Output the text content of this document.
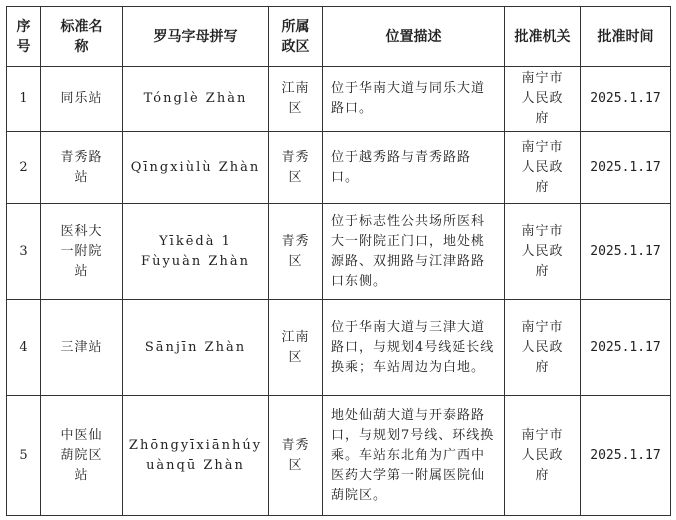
序号	标准名称	罗马字母拼写	所属政区	位置描述	批准机关	批准时间
1	同乐站	Tónglè Zhàn	江南区	位于华南大道与同乐大道路口。	南宁市人民政府	2025.1.17
2	青秀路站	Qīngxiùlù Zhàn	青秀区	位于越秀路与青秀路路口。	南宁市人民政府	2025.1.17
3	医科大一附院站	Yīkēdà 1 Fùyuàn Zhàn	青秀区	位于标志性公共场所医科大一附院正门口，地处桃源路、双拥路与江津路路口东侧。	南宁市人民政府	2025.1.17
4	三津站	Sānjīn Zhàn	江南区	位于华南大道与三津大道路口，与规划4号线延长线换乘；车站周边为白地。	南宁市人民政府	2025.1.17
5	中医仙葫院区站	Zhōngyīxiānhúyuànqū Zhàn	青秀区	地处仙葫大道与开泰路路口，与规划7号线、环线换乘。车站东北角为广西中医药大学第一附属医院仙葫院区。	南宁市人民政府	2025.1.17
